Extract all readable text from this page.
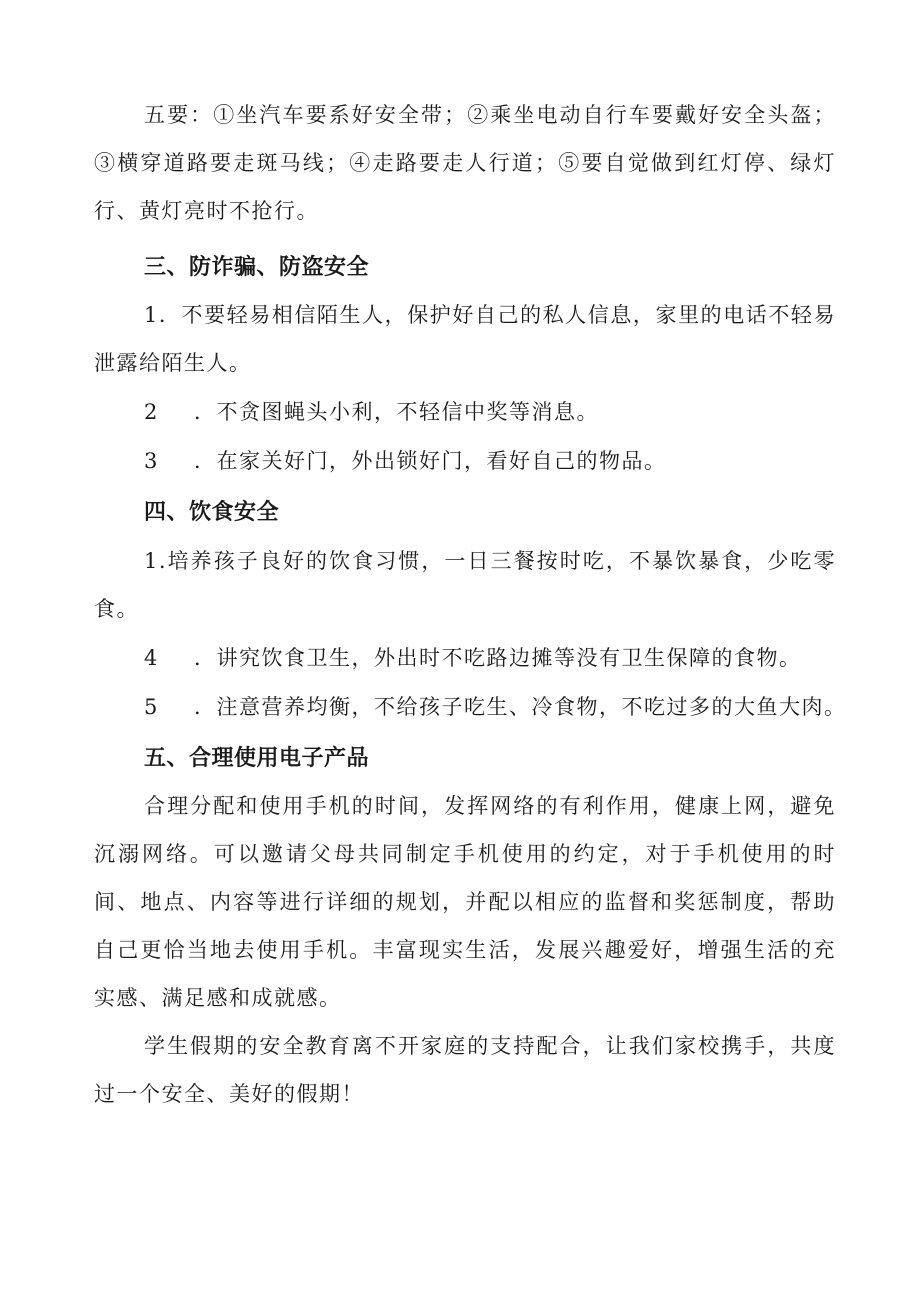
五要：①坐汽车要系好安全带；②乘坐电动自行车要戴好安全头盔；③横穿道路要走斑马线；④走路要走人行道；⑤要自觉做到红灯停、绿灯行、黄灯亮时不抢行。

三、防诈骗、防盗安全

1．不要轻易相信陌生人，保护好自己的私人信息，家里的电话不轻易泄露给陌生人。

2 ．不贪图蝇头小利，不轻信中奖等消息。

3 ．在家关好门，外出锁好门，看好自己的物品。

四、饮食安全

1.培养孩子良好的饮食习惯，一日三餐按时吃，不暴饮暴食，少吃零食。

4 ．讲究饮食卫生，外出时不吃路边摊等没有卫生保障的食物。

5 ．注意营养均衡，不给孩子吃生、冷食物，不吃过多的大鱼大肉。

五、合理使用电子产品

合理分配和使用手机的时间，发挥网络的有利作用，健康上网，避免沉溺网络。可以邀请父母共同制定手机使用的约定，对于手机使用的时间、地点、内容等进行详细的规划，并配以相应的监督和奖惩制度，帮助自己更恰当地去使用手机。丰富现实生活，发展兴趣爱好，增强生活的充实感、满足感和成就感。

学生假期的安全教育离不开家庭的支持配合，让我们家校携手，共度过一个安全、美好的假期！
